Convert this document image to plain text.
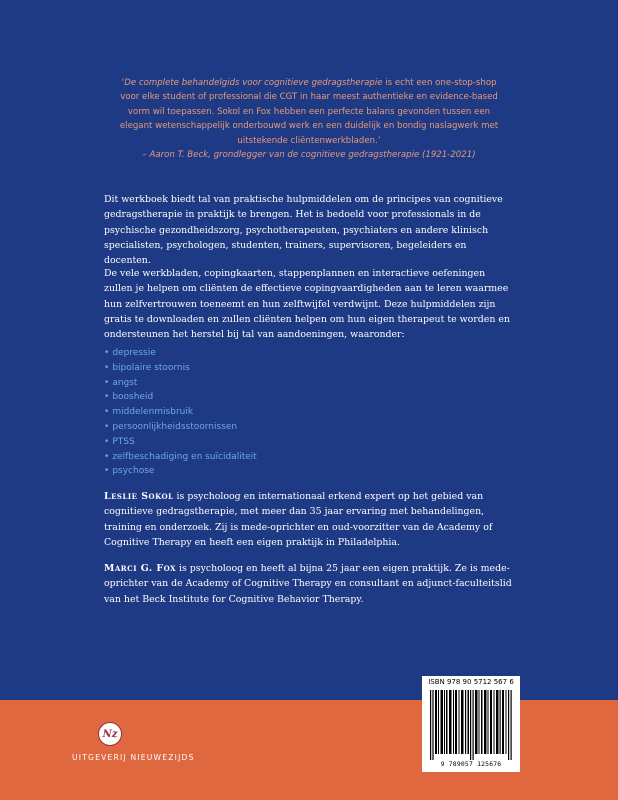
‘De complete behandelgids voor cognitieve gedragstherapie is echt een one-stop-shop voor elke student of professional die CGT in haar meest authentieke en evidence-based vorm wil toepassen. Sokol en Fox hebben een perfecte balans gevonden tussen een elegant wetenschappelijk onderbouwd werk en een duidelijk en bondig naslagwerk met uitstekende cliëntenwerkbladen.’
– Aaron T. Beck, grondlegger van de cognitieve gedragstherapie (1921-2021)
Dit werkboek biedt tal van praktische hulpmiddelen om de principes van cognitieve gedragstherapie in praktijk te brengen. Het is bedoeld voor professionals in de psychische gezondheidszorg, psychotherapeuten, psychiaters en andere klinisch specialisten, psychologen, studenten, trainers, supervisoren, begeleiders en docenten.
De vele werkbladen, copingkaarten, stappenplannen en interactieve oefeningen zullen je helpen om cliënten de effectieve copingvaardigheden aan te leren waarmee hun zelfvertrouwen toeneemt en hun zelftwijfel verdwijnt. Deze hulpmiddelen zijn gratis te downloaden en zullen cliënten helpen om hun eigen therapeut te worden en ondersteunen het herstel bij tal van aandoeningen, waaronder:
• depressie
• bipolaire stoornis
• angst
• boosheid
• middelenmisbruik
• persoonlijkheidsstoornissen
• PTSS
• zelfbeschadiging en suïcidaliteit
• psychose
Leslie Sokol is psycholoog en internationaal erkend expert op het gebied van cognitieve gedragstherapie, met meer dan 35 jaar ervaring met behandelingen, training en onderzoek. Zij is mede-oprichter en oud-voorzitter van de Academy of Cognitive Therapy en heeft een eigen praktijk in Philadelphia.
Marci G. Fox is psycholoog en heeft al bijna 25 jaar een eigen praktijk. Ze is mede-oprichter van de Academy of Cognitive Therapy en consultant en adjunct-faculteitslid van het Beck Institute for Cognitive Behavior Therapy.
Nz
UITGEVERIJ NIEUWEZIJDS
ISBN 978 90 5712 567 6
9 789057 125676
